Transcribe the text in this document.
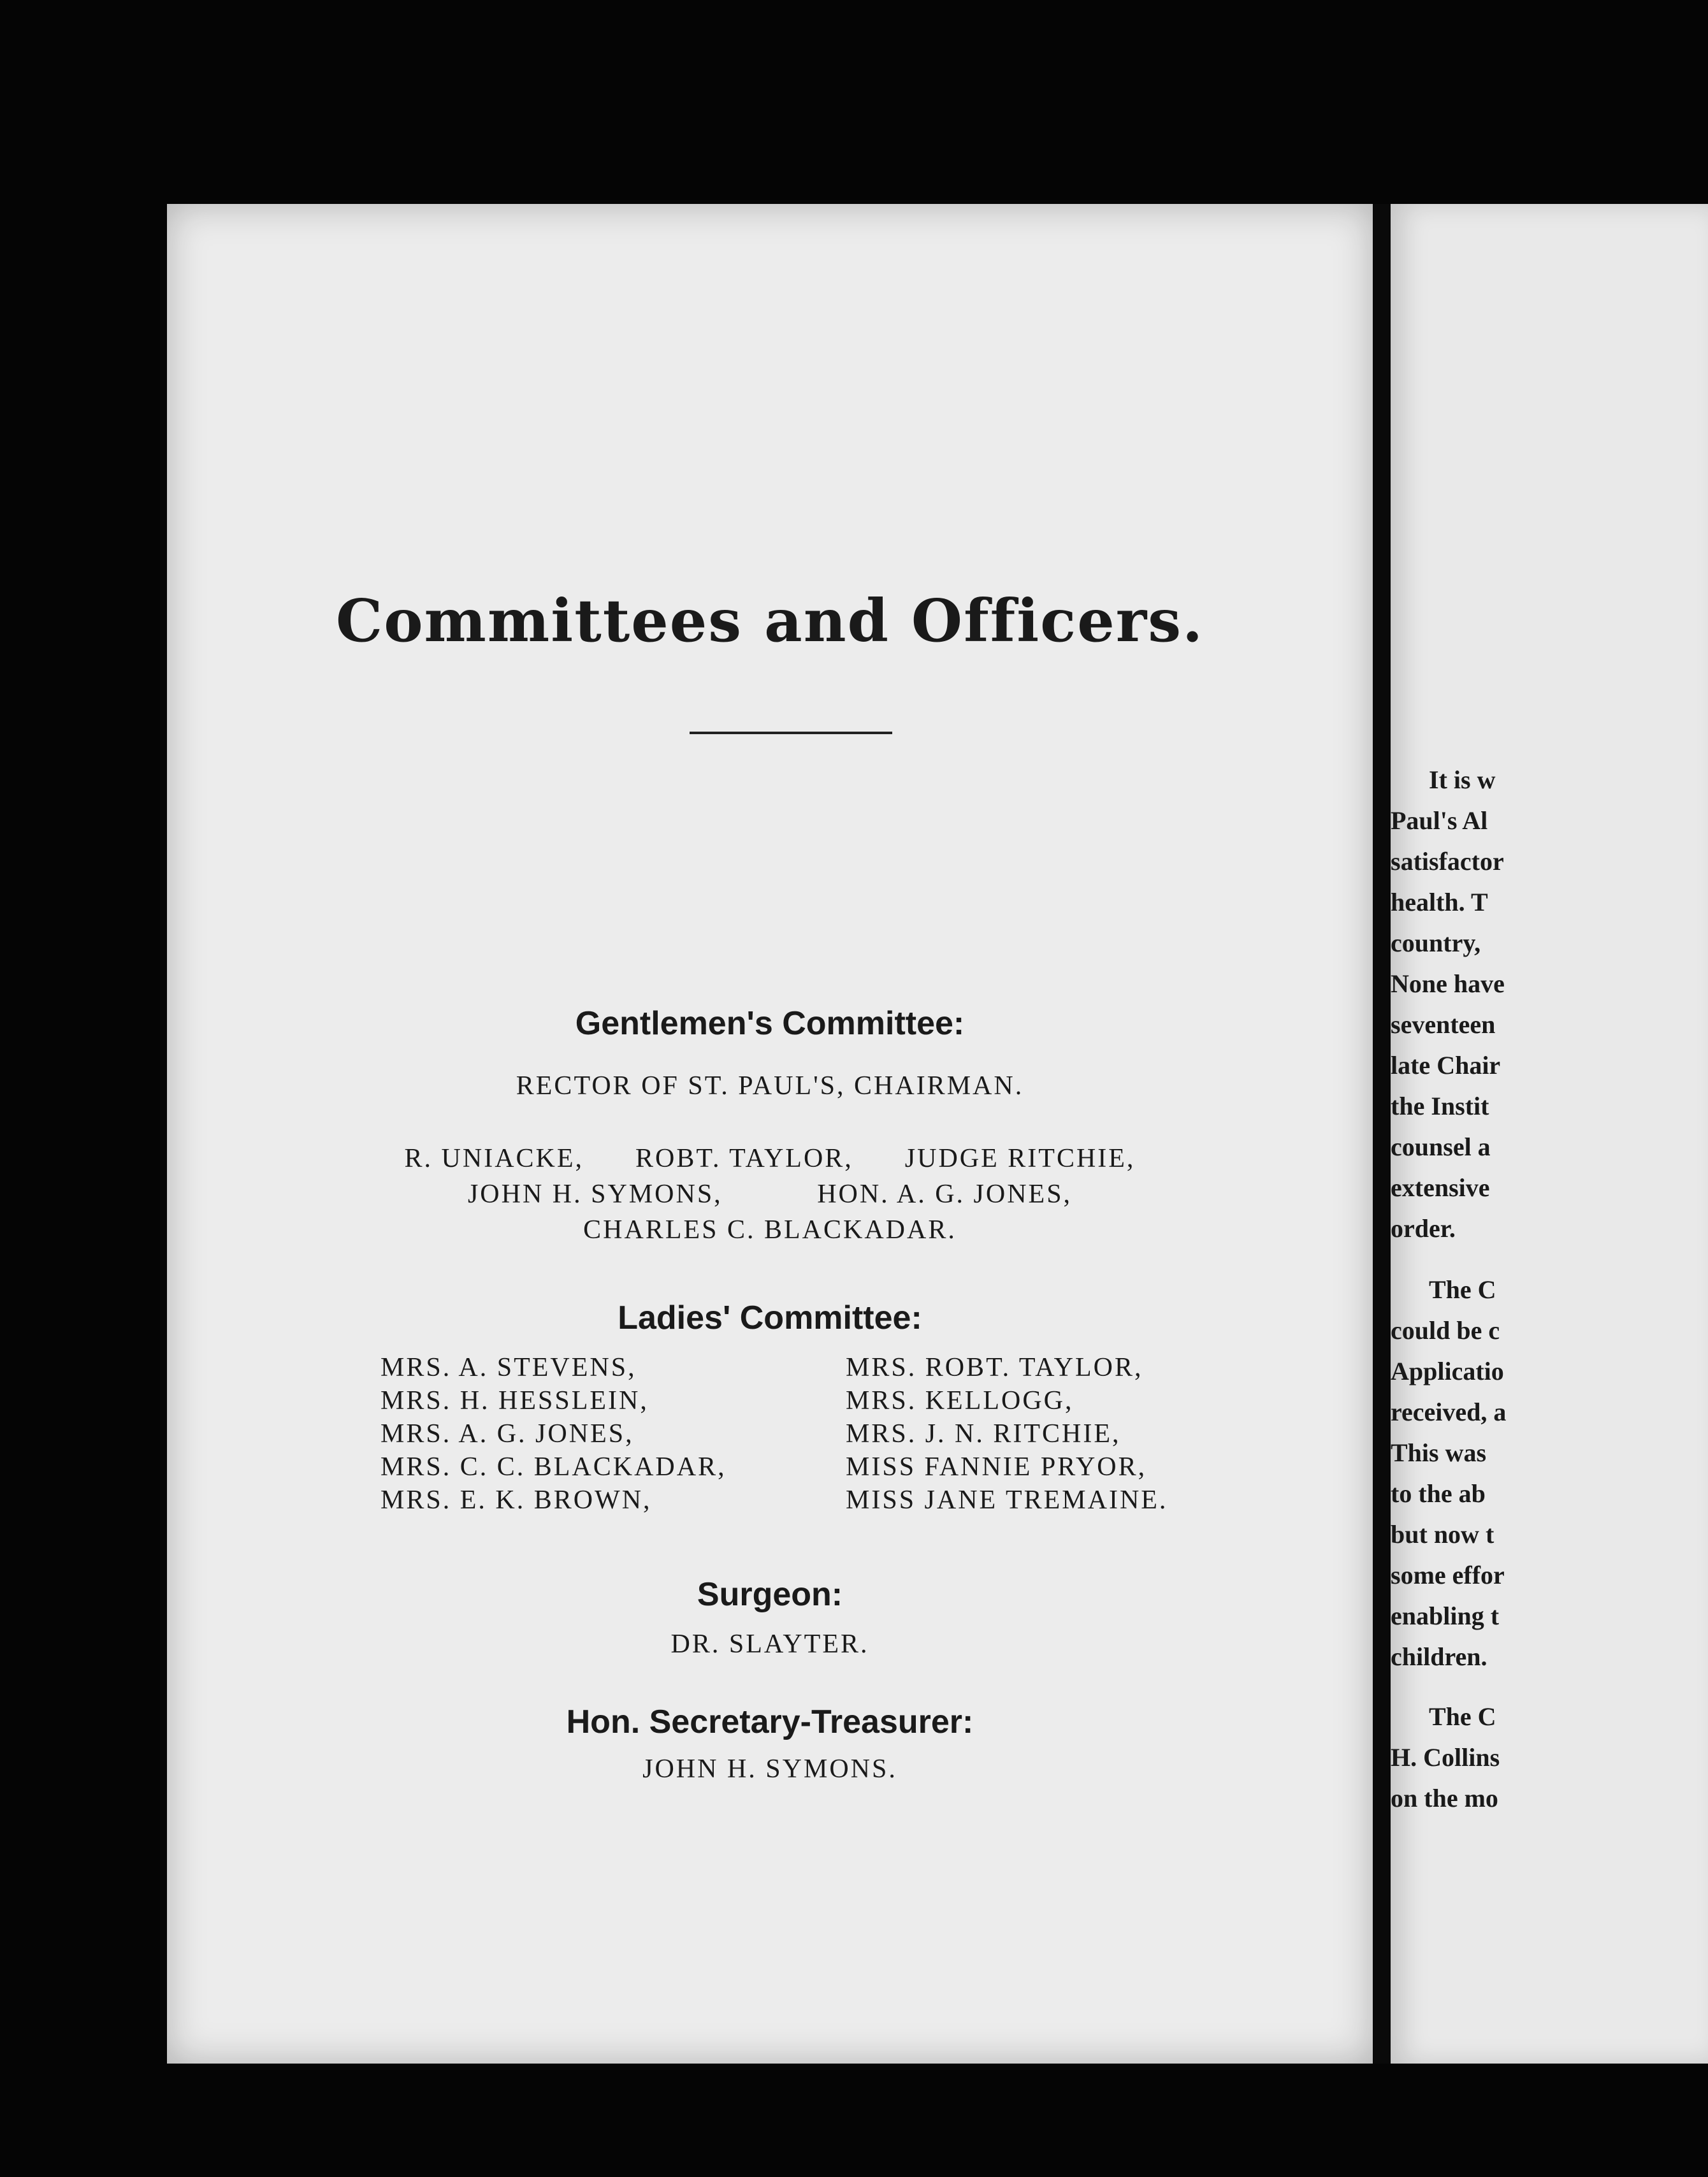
Committees and Officers.
Gentlemen's Committee:
RECTOR OF ST. PAUL'S, CHAIRMAN.
R. UNIACKE, ROBT. TAYLOR, JUDGE RITCHIE,
JOHN H. SYMONS,	HON. A. G. JONES,
CHARLES C. BLACKADAR.
Ladies' Committee:
MRS. A. STEVENS,	MRS. ROBT. TAYLOR,
MRS. H. HESSLEIN,	MRS. KELLOGG,
MRS. A. G. JONES,	MRS. J. N. RITCHIE,
MRS. C. C. BLACKADAR,	MISS FANNIE PRYOR,
MRS. E. K. BROWN,	MISS JANE TREMAINE.
Surgeon:
DR. SLAYTER.
Hon. Secretary-Treasurer:
JOHN H. SYMONS.
It is w
Paul's Al
satisfactor
health. T
country,
None have
seventeen
late Chair
the Instit
counsel a
extensive
order.
The C
could be c
Applicatio
received, a
This was
to the ab
but now t
some effor
enabling t
children.
The C
H. Collins
on the mo
